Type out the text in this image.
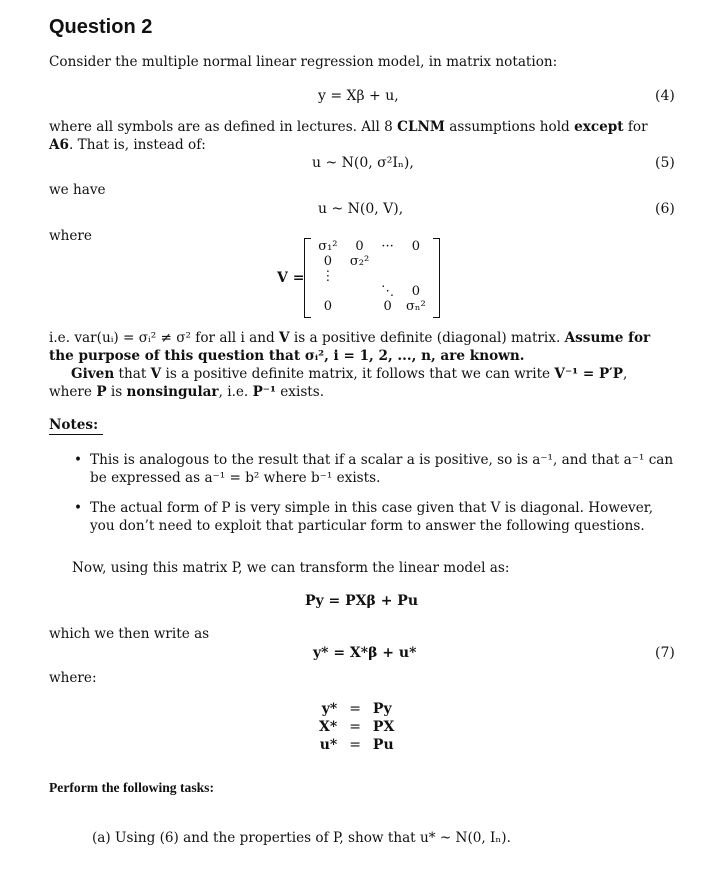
Question 2
Consider the multiple normal linear regression model, in matrix notation:
y = Xβ + u,	(4)
where all symbols are as defined in lectures. All 8 CLNM assumptions hold except for A6. That is, instead of:
u ~ N(0, σ²Iₙ),	(5)
we have
u ~ N(0, V),	(6)
where
V =
σ₁²	0	···	0
0	σ₂²		
⋮			
		⋱	0
0		0	σₙ²
i.e. var(uᵢ) = σᵢ² ≠ σ² for all i and V is a positive definite (diagonal) matrix. Assume for the purpose of this question that σᵢ², i = 1, 2, ..., n, are known.
Given that V is a positive definite matrix, it follows that we can write V⁻¹ = P′P, where P is nonsingular, i.e. P⁻¹ exists.
Notes:
• This is analogous to the result that if a scalar a is positive, so is a⁻¹, and that a⁻¹ can be expressed as a⁻¹ = b² where b⁻¹ exists.
• The actual form of P is very simple in this case given that V is diagonal. However, you don’t need to exploit that particular form to answer the following questions.
Now, using this matrix P, we can transform the linear model as:
Py = PXβ + Pu
which we then write as
y* = X*β + u*	(7)
where:
y*	=	Py
X*	=	PX
u*	=	Pu
Perform the following tasks:
(a) Using (6) and the properties of P, show that u* ~ N(0, Iₙ).
